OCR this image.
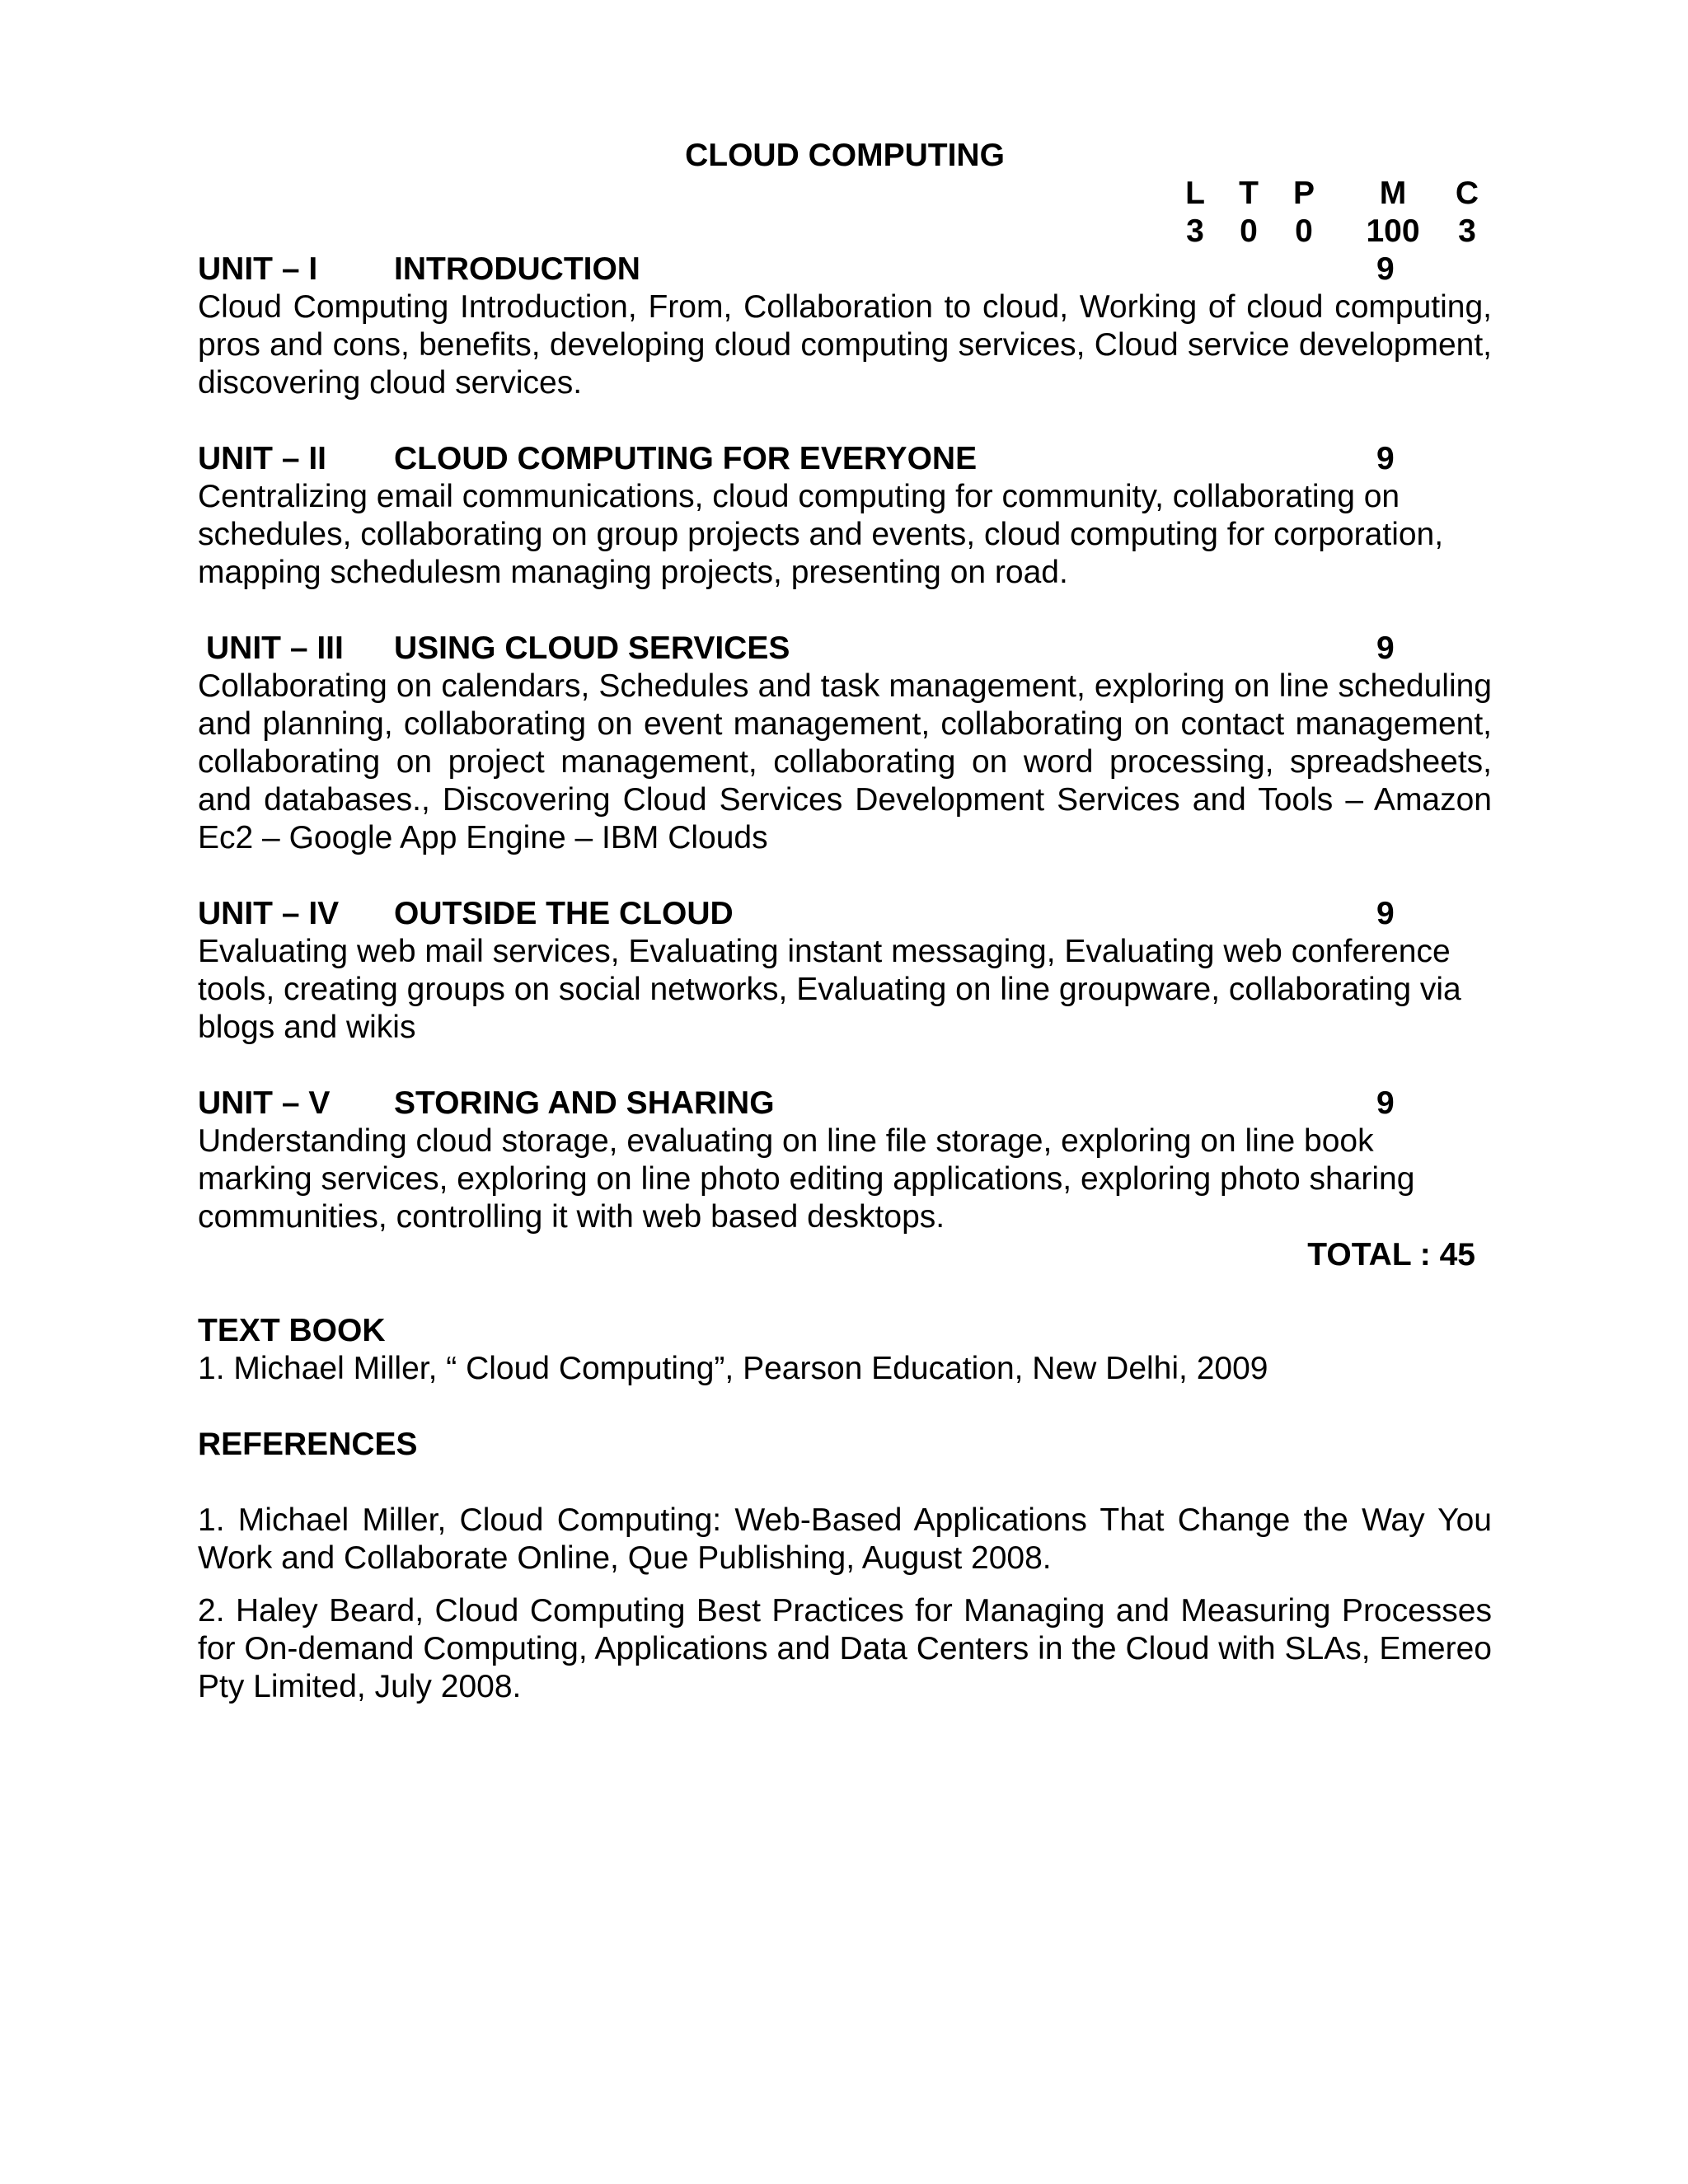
CLOUD COMPUTING
L T P	M	C
3 0 0 100 3
UNIT – I INTRODUCTION	9

Cloud Computing Introduction, From, Collaboration to cloud, Working of cloud computing, pros and cons, benefits, developing cloud computing services, Cloud service development, discovering cloud services.

UNIT – II CLOUD COMPUTING FOR EVERYONE	9

Centralizing email communications, cloud computing for community, collaborating on schedules, collaborating on group projects and events, cloud computing for corporation, mapping schedulesm managing projects, presenting on road.

UNIT – III USING CLOUD SERVICES	9

Collaborating on calendars, Schedules and task management, exploring on line scheduling and planning, collaborating on event management, collaborating on contact management, collaborating on project management, collaborating on word processing, spreadsheets, and databases., Discovering Cloud Services Development Services and Tools – Amazon Ec2 – Google App Engine – IBM Clouds

UNIT – IV OUTSIDE THE CLOUD	9

Evaluating web mail services, Evaluating instant messaging, Evaluating web conference tools, creating groups on social networks, Evaluating on line groupware, collaborating via blogs and wikis

UNIT – V STORING AND SHARING	9

Understanding cloud storage, evaluating on line file storage, exploring on line book marking services, exploring on line photo editing applications, exploring photo sharing communities, controlling it with web based desktops.

TOTAL : 45
TEXT BOOK

1. Michael Miller, “ Cloud Computing”, Pearson Education, New Delhi, 2009

REFERENCES

1. Michael Miller, Cloud Computing: Web-Based Applications That Change the Way You Work and Collaborate Online, Que Publishing, August 2008.

2. Haley Beard, Cloud Computing Best Practices for Managing and Measuring Processes for On-demand Computing, Applications and Data Centers in the Cloud with SLAs, Emereo Pty Limited, July 2008.
